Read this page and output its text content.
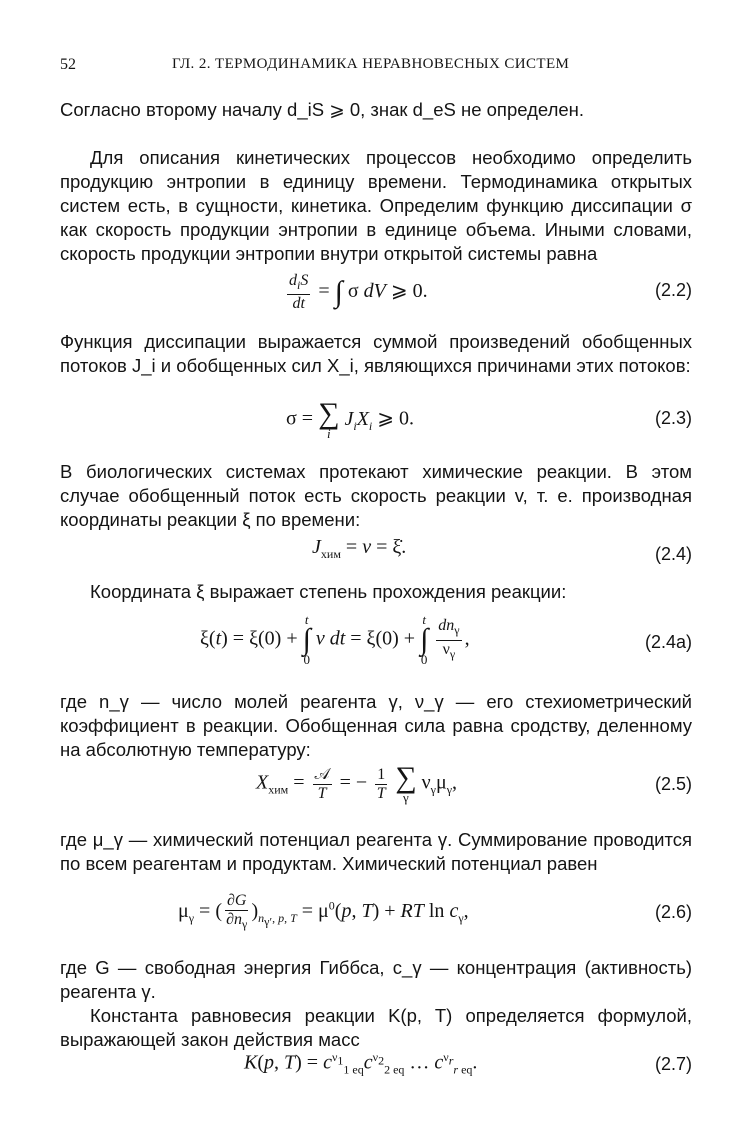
52	ГЛ. 2. ТЕРМОДИНАМИКА НЕРАВНОВЕСНЫХ СИСТЕМ

Согласно второму началу d_iS ⩾ 0, знак d_eS не определен.

Для описания кинетических процессов необходимо определить продукцию энтропии в единицу времени. Термодинамика открытых систем есть, в сущности, кинетика. Определим функцию диссипации σ как скорость продукции энтропии в единице объема. Иными словами, скорость продукции энтропии внутри открытой системы равна

$\frac{d_iS}{dt}$ = ∫ σ dV ⩾ 0.	(2.2)

Функция диссипации выражается суммой произведений обобщенных потоков J_i и обобщенных сил X_i, являющихся причинами этих потоков:

σ = ∑
i
$J_iX_i$ ⩾ 0.	(2.3)

В биологических системах протекают химические реакции. В этом случае обобщенный поток есть скорость реакции v, т. е. производная координаты реакции ξ по времени:

$J_{хим} = v$ = ξ̇.	(2.4)

Координата ξ выражает степень прохождения реакции:

ξ(t) = ξ(0) +
t
∫
0
v dt = ξ(0) +
t
∫
0
$\frac{dn_\gamma}{\nu_\gamma}$ ,	(2.4a)

где n_γ — число молей реагента γ, ν_γ — его стехиометрический коэффициент в реакции. Обобщенная сила равна сродству, деленному на абсолютную температуру:

$X_{хим} = \frac{\text{𝒜}}{T}$ = − $\frac{1}{T}$
∑
γ
$\nu_\gamma\mu_\gamma$,	(2.5)

где μ_γ — химический потенциал реагента γ. Суммирование проводится по всем реагентам и продуктам. Химический потенциал равен

$\mu_\gamma$ = ( $\frac{\partial G}{\partial n_\gamma} )_{n_{\gamma'}, p, T} = \mu^0(p$, T) + RT $\ln c_\gamma$,	(2.6)

где G — свободная энергия Гиббса, c_γ — концентрация (активность) реагента γ.

Константа равновесия реакции K(p, T) определяется формулой, выражающей закон действия масс

K(p, $T) = c^{\nu_1}_{1 eq}c^{\nu_2}_{2 eq}$ … $c^{\nu_r}_{r eq}$.	(2.7)
